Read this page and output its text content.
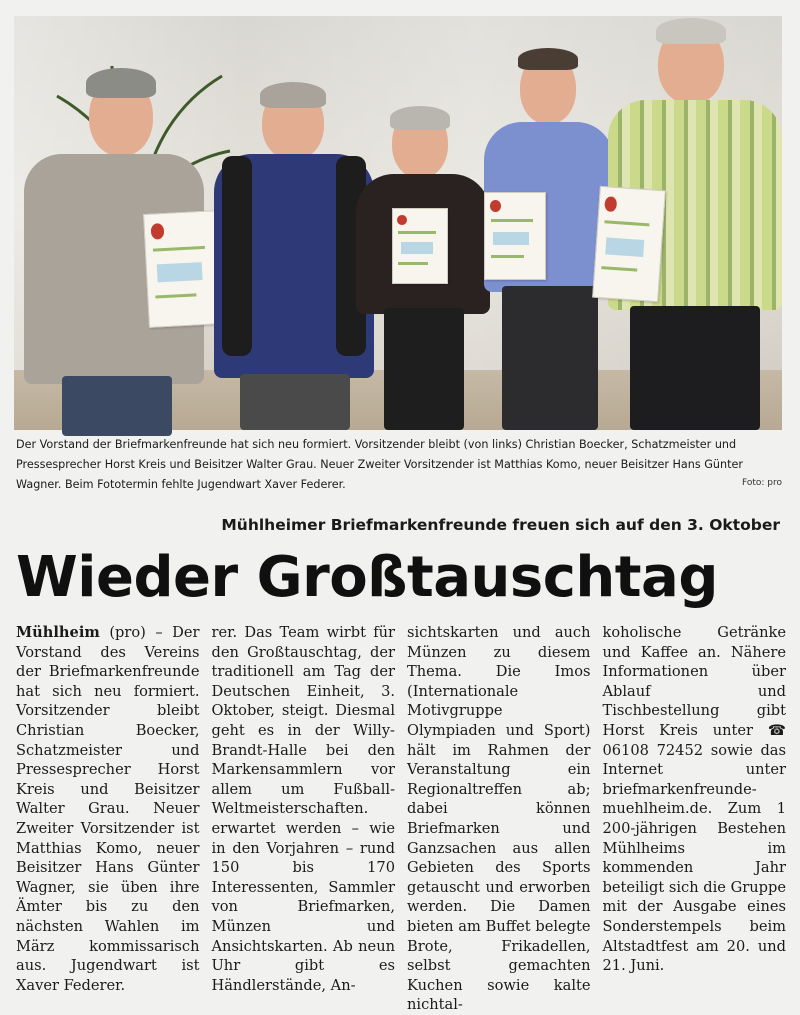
Der Vorstand der Briefmarkenfreunde hat sich neu formiert. Vorsitzender bleibt (von links) Christian Boecker, Schatzmeister und Pressesprecher Horst Kreis und Beisitzer Walter Grau. Neuer Zweiter Vorsitzender ist Matthias Komo, neuer Beisitzer Hans Günter Wagner. Beim Fototermin fehlte Jugendwart Xaver Federer.	Foto: pro
Mühlheimer Briefmarkenfreunde freuen sich auf den 3. Oktober
Wieder Großtauschtag
Mühlheim (pro) – Der Vorstand des Vereins der Briefmarkenfreunde hat sich neu formiert. Vorsitzender bleibt Christian Boecker, Schatzmeister und Pressesprecher Horst Kreis und Beisitzer Walter Grau. Neuer Zweiter Vorsitzender ist Matthias Komo, neuer Beisitzer Hans Günter Wagner, sie üben ihre Ämter bis zu den nächsten Wahlen im März kommissarisch aus. Jugendwart ist Xaver Federer.
rer. Das Team wirbt für den Großtauschtag, der traditionell am Tag der Deutschen Einheit, 3. Oktober, steigt. Diesmal geht es in der Willy-Brandt-Halle bei den Markensammlern vor allem um Fußball-Weltmeisterschaften. erwartet werden – wie in den Vorjahren – rund 150 bis 170 Interessenten, Sammler von Briefmarken, Münzen und Ansichtskarten. Ab neun Uhr gibt es Händlerstände, An-
sichtskarten und auch Münzen zu diesem Thema. Die Imos (Internationale Motivgruppe Olympiaden und Sport) hält im Rahmen der Veranstaltung ein Regionaltreffen ab; dabei können Briefmarken und Ganzsachen aus allen Gebieten des Sports getauscht und erworben werden. Die Damen bieten am Buffet belegte Brote, Frikadellen, selbst gemachten Kuchen sowie kalte nichtal-
koholische Getränke und Kaffee an. Nähere Informationen über Ablauf und Tischbestellung gibt Horst Kreis unter ☎ 06108 72452 sowie das Internet unter briefmarkenfreunde-muehlheim.de. Zum 1 200-jährigen Bestehen Mühlheims im kommenden Jahr beteiligt sich die Gruppe mit der Ausgabe eines Sonderstempels beim Altstadtfest am 20. und 21. Juni.
